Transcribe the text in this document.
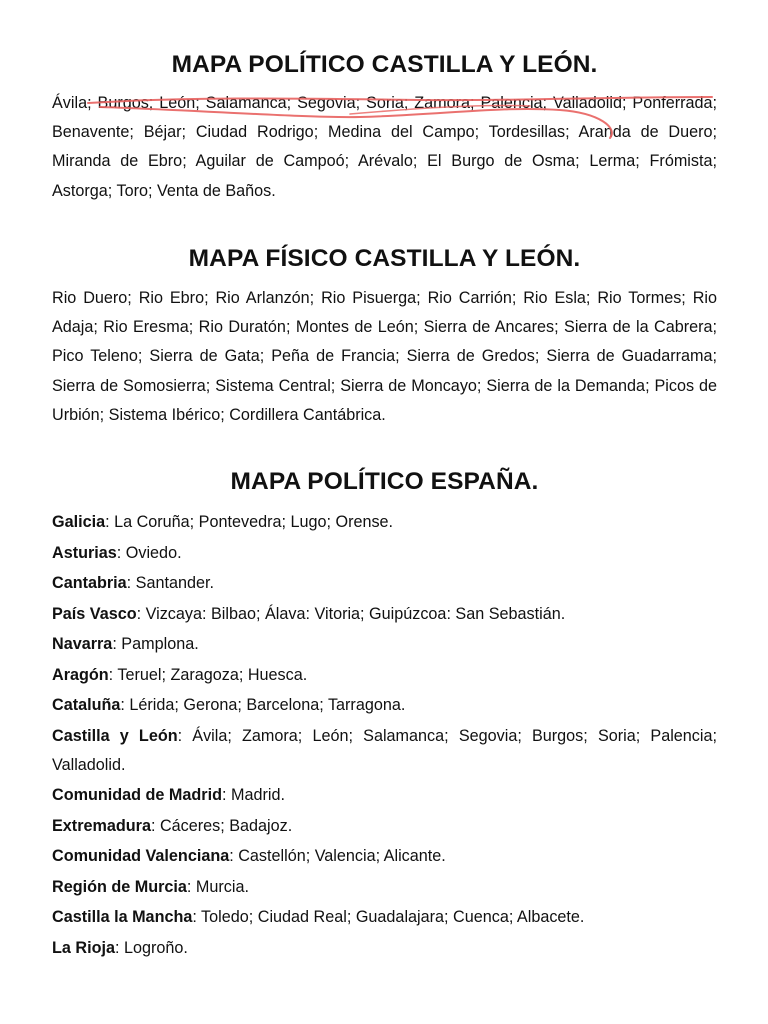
MAPA POLÍTICO CASTILLA Y LEÓN.

Ávila; Burgos; León; Salamanca; Segovia; Soria; Zamora; Palencia; Valladolid; Ponferrada; Benavente; Béjar; Ciudad Rodrigo; Medina del Campo; Tordesillas; Aranda de Duero; Miranda de Ebro; Aguilar de Campoó; Arévalo; El Burgo de Osma; Lerma; Frómista; Astorga; Toro; Venta de Baños.

MAPA FÍSICO CASTILLA Y LEÓN.

Rio Duero; Rio Ebro; Rio Arlanzón; Rio Pisuerga; Rio Carrión; Rio Esla; Rio Tormes; Rio Adaja; Rio Eresma; Rio Duratón; Montes de León; Sierra de Ancares; Sierra de la Cabrera; Pico Teleno; Sierra de Gata; Peña de Francia; Sierra de Gredos; Sierra de Guadarrama; Sierra de Somosierra; Sistema Central; Sierra de Moncayo; Sierra de la Demanda; Picos de Urbión; Sistema Ibérico; Cordillera Cantábrica.

MAPA POLÍTICO ESPAÑA.

Galicia: La Coruña; Pontevedra; Lugo; Orense.

Asturias: Oviedo.

Cantabria: Santander.

País Vasco: Vizcaya: Bilbao; Álava: Vitoria; Guipúzcoa: San Sebastián.

Navarra: Pamplona.

Aragón: Teruel; Zaragoza; Huesca.

Cataluña: Lérida; Gerona; Barcelona; Tarragona.

Castilla y León: Ávila; Zamora; León; Salamanca; Segovia; Burgos; Soria; Palencia; Valladolid.

Comunidad de Madrid: Madrid.

Extremadura: Cáceres; Badajoz.

Comunidad Valenciana: Castellón; Valencia; Alicante.

Región de Murcia: Murcia.

Castilla la Mancha: Toledo; Ciudad Real; Guadalajara; Cuenca; Albacete.

La Rioja: Logroño.
